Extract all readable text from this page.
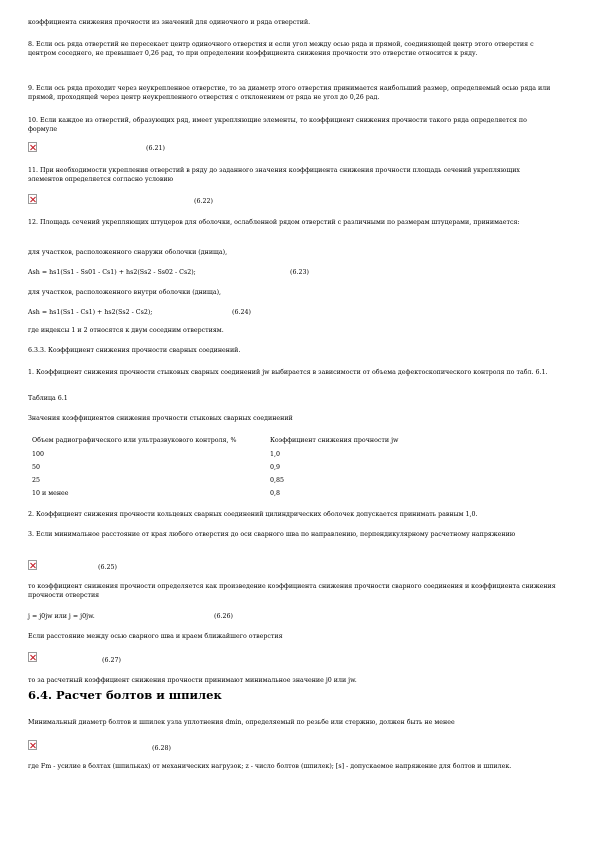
коэффициента снижения прочности из значений для одиночного и ряда отверстий.

8. Если ось ряда отверстий не пересекает центр одиночного отверстия и если угол между осью ряда и прямой, соединяющей центр этого отверстия с центром соседнего, не превышает 0,26 рад, то при определении коэффициента снижения прочности это отверстие относится к ряду.

9. Если ось ряда проходит через неукрепленное отверстие, то за диаметр этого отверстия принимается наибольший размер, определяемый осью ряда или прямой, проходящей через центр неукрепленного отверстия с отклонением от ряда не угол до 0,26 рад.

10. Если каждое из отверстий, образующих ряд, имеет укрепляющие элементы, то коэффициент снижения прочности такого ряда определяется по формуле

(6.21)

11. При необходимости укрепления отверстий в ряду до заданного значения коэффициента снижения прочности площадь сечений укрепляющих элементов определяется согласно условию

(6.22)

12. Площадь сечений укрепляющих штуцеров для оболочки, ослабленной рядом отверстий с различными по размерам штуцерами, принимается:

для участков, расположенного снаружи оболочки (днища),

Ash = hs1(Ss1 - Ss01 - Cs1) + hs2(Ss2 - Ss02 - Cs2);	(6.23)

для участков, расположенного внутри оболочки (днища),

Ash = hs1(Ss1 - Cs1) + hs2(Ss2 - Cs2);	(6.24)

где индексы 1 и 2 относятся к двум соседним отверстиям.

6.3.3. Коэффициент снижения прочности сварных соединений.

1. Коэффициент снижения прочности стыковых сварных соединений jw выбирается в зависимости от объема дефектоскопического контроля по табл. 6.1.

Таблица 6.1

Значения коэффициентов снижения прочности стыковых сварных соединений

Объем радиографического или ультразвукового контроля, %	Коэффициент снижения прочности jw
100	1,0
50	0,9
25	0,85
10 и менее	0,8

2. Коэффициент снижения прочности кольцевых сварных соединений цилиндрических оболочек допускается принимать равным 1,0.

3. Если минимальное расстояние от края любого отверстия до оси сварного шва по направлению, перпендикулярному расчетному напряжению

(6.25)

то коэффициент снижения прочности определяется как произведение коэффициента снижения прочности сварного соединения и коэффициента снижения прочности отверстия

j = j0jw или j = j0jw.	(6.26)

Если расстояние между осью сварного шва и краем ближайшего отверстия

(6.27)

то за расчетный коэффициент снижения прочности принимают минимальное значение j0 или jw.

6.4. Расчет болтов и шпилек

Минимальный диаметр болтов и шпилек узла уплотнения dmin, определяемый по резьбе или стержню, должен быть не менее

(6.28)

где Fm - усилие в болтах (шпильках) от механических нагрузок; z - число болтов (шпилек); [s] - допускаемое напряжение для болтов и шпилек.
